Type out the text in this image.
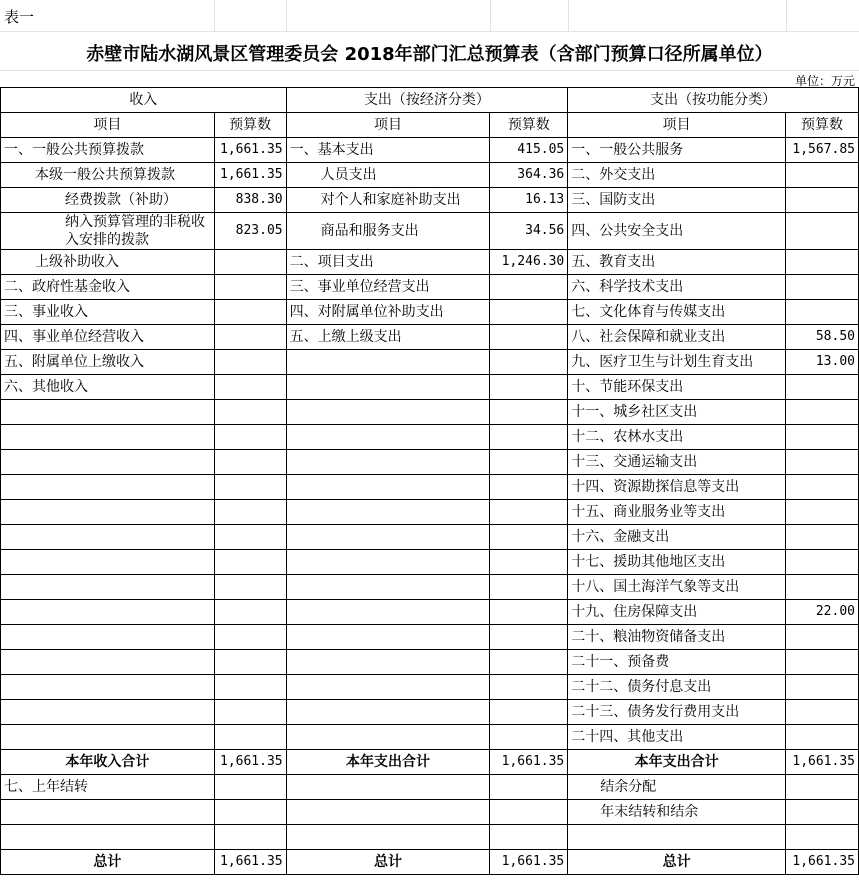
表一
赤壁市陆水湖风景区管理委员会 2018年部门汇总预算表（含部门预算口径所属单位）
单位：万元
收入		支出（按经济分类）		支出（按功能分类）	
项目	预算数	项目	预算数	项目	预算数
一、一般公共预算拨款	1,661.35	一、基本支出	415.05	一、一般公共服务	1,567.85
本级一般公共预算拨款	1,661.35	人员支出	364.36	二、外交支出	
经费拨款（补助）	838.30	对个人和家庭补助支出	16.13	三、国防支出	
纳入预算管理的非税收入安排的拨款	823.05	商品和服务支出	34.56	四、公共安全支出	
上级补助收入		二、项目支出	1,246.30	五、教育支出	
二、政府性基金收入		三、事业单位经营支出		六、科学技术支出	
三、事业收入		四、对附属单位补助支出		七、文化体育与传媒支出	
四、事业单位经营收入		五、上缴上级支出		八、社会保障和就业支出	58.50
五、附属单位上缴收入				九、医疗卫生与计划生育支出	13.00
六、其他收入				十、节能环保支出	
				十一、城乡社区支出	
				十二、农林水支出	
				十三、交通运输支出	
				十四、资源勘探信息等支出	
				十五、商业服务业等支出	
				十六、金融支出	
				十七、援助其他地区支出	
				十八、国土海洋气象等支出	
				十九、住房保障支出	22.00
				二十、粮油物资储备支出	
				二十一、预备费	
				二十二、债务付息支出	
				二十三、债务发行费用支出	
				二十四、其他支出	
本年收入合计	1,661.35	本年支出合计	1,661.35	本年支出合计	1,661.35
七、上年结转				结余分配	
				年末结转和结余	

总计	1,661.35	总计	1,661.35	总计	1,661.35
